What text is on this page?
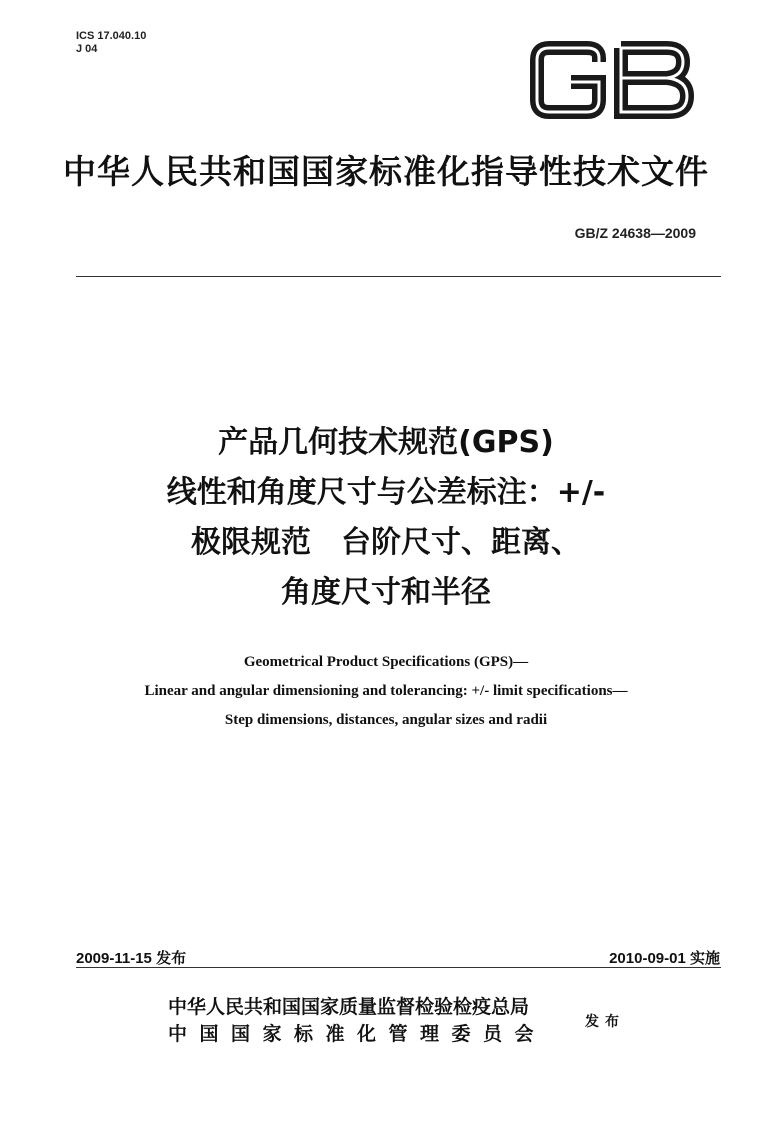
ICS 17.040.10
J 04
中华人民共和国国家标准化指导性技术文件
GB/Z 24638—2009
产品几何技术规范(GPS)
线性和角度尺寸与公差标注：+/-
极限规范　台阶尺寸、距离、
角度尺寸和半径
Geometrical Product Specifications (GPS)—
Linear and angular dimensioning and tolerancing: +/- limit specifications—
Step dimensions, distances, angular sizes and radii
2009-11-15 发布	2010-09-01 实施
中华人民共和国国家质量监督检验检疫总局
中国国家标准化管理委员会
发布
